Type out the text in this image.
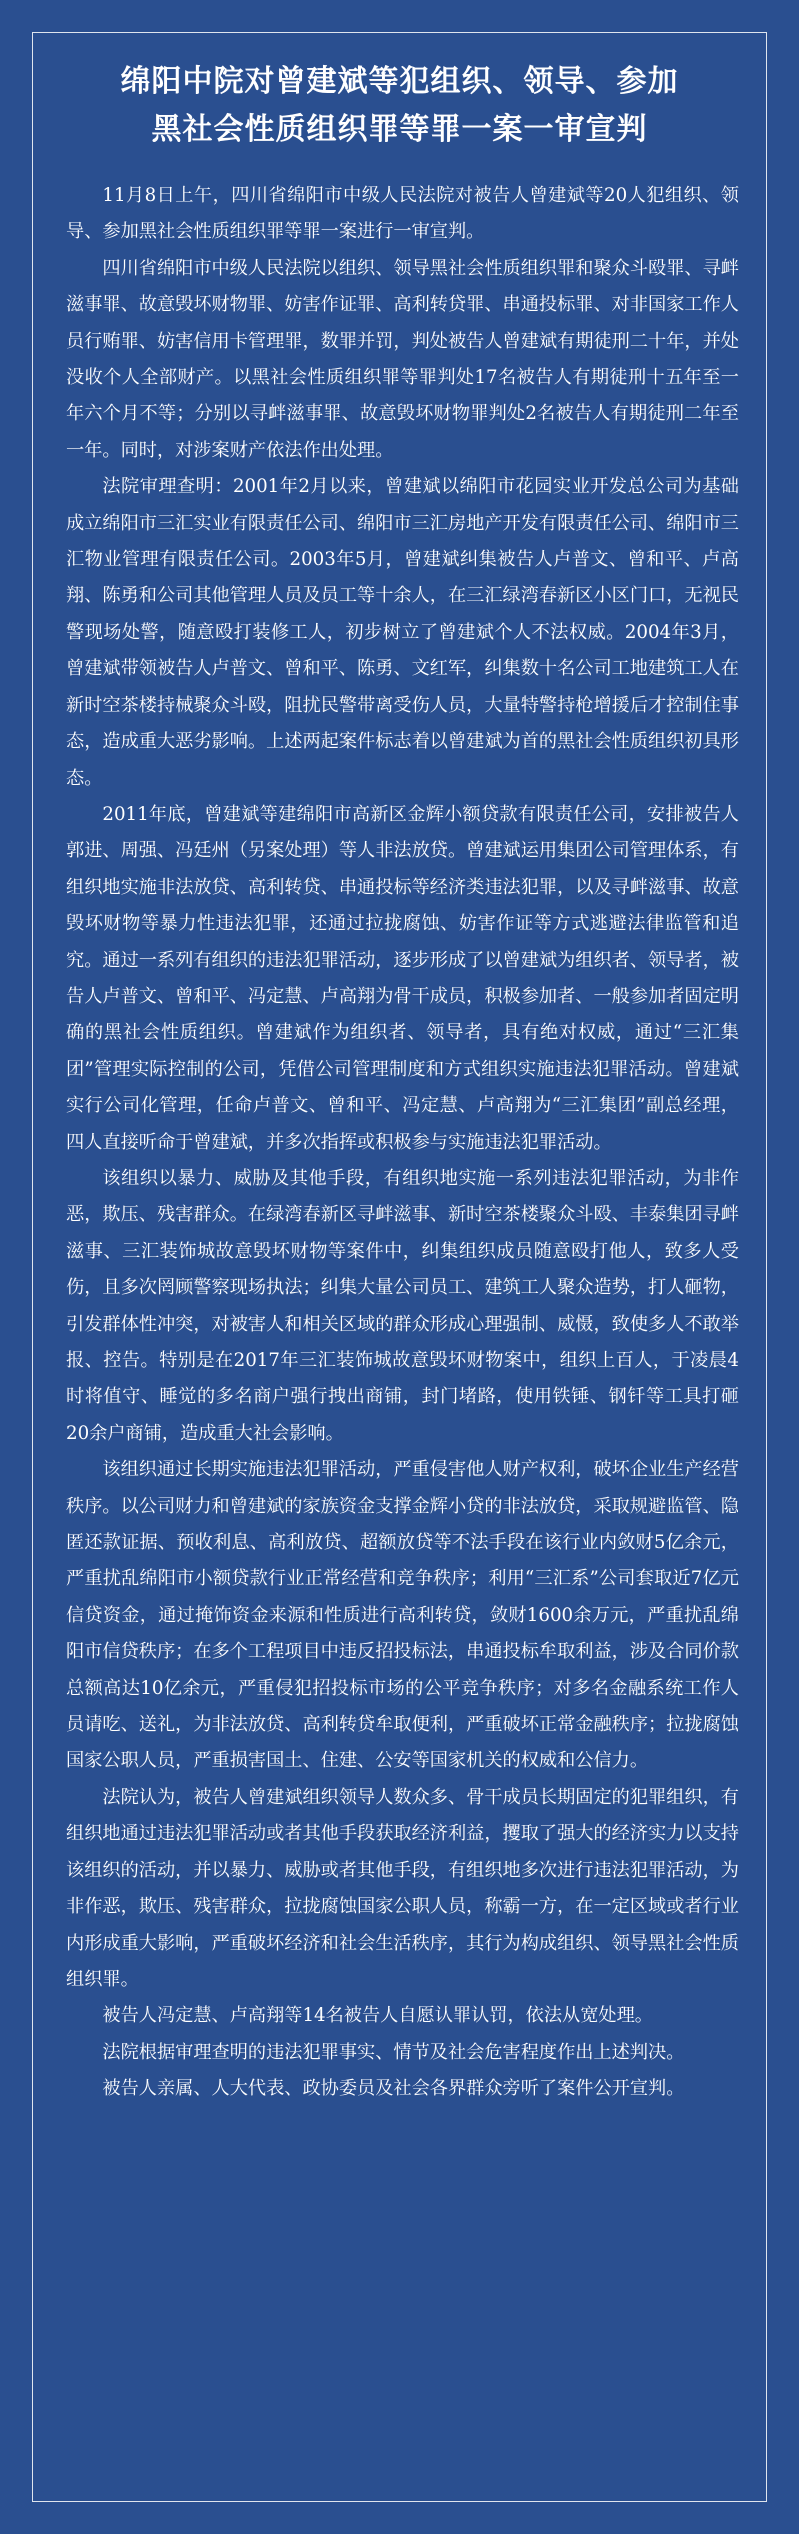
绵阳中院对曾建斌等犯组织、领导、参加
黑社会性质组织罪等罪一案一审宣判

11月8日上午，四川省绵阳市中级人民法院对被告人曾建斌等20人犯组织、领导、参加黑社会性质组织罪等罪一案进行一审宣判。

四川省绵阳市中级人民法院以组织、领导黑社会性质组织罪和聚众斗殴罪、寻衅滋事罪、故意毁坏财物罪、妨害作证罪、高利转贷罪、串通投标罪、对非国家工作人员行贿罪、妨害信用卡管理罪，数罪并罚，判处被告人曾建斌有期徒刑二十年，并处没收个人全部财产。以黑社会性质组织罪等罪判处17名被告人有期徒刑十五年至一年六个月不等；分别以寻衅滋事罪、故意毁坏财物罪判处2名被告人有期徒刑二年至一年。同时，对涉案财产依法作出处理。

法院审理查明：2001年2月以来，曾建斌以绵阳市花园实业开发总公司为基础成立绵阳市三汇实业有限责任公司、绵阳市三汇房地产开发有限责任公司、绵阳市三汇物业管理有限责任公司。2003年5月，曾建斌纠集被告人卢普文、曾和平、卢高翔、陈勇和公司其他管理人员及员工等十余人，在三汇绿湾春新区小区门口，无视民警现场处警，随意殴打装修工人，初步树立了曾建斌个人不法权威。2004年3月，曾建斌带领被告人卢普文、曾和平、陈勇、文红军，纠集数十名公司工地建筑工人在新时空茶楼持械聚众斗殴，阻扰民警带离受伤人员，大量特警持枪增援后才控制住事态，造成重大恶劣影响。上述两起案件标志着以曾建斌为首的黑社会性质组织初具形态。

2011年底，曾建斌等建绵阳市高新区金辉小额贷款有限责任公司，安排被告人郭进、周强、冯廷州（另案处理）等人非法放贷。曾建斌运用集团公司管理体系，有组织地实施非法放贷、高利转贷、串通投标等经济类违法犯罪，以及寻衅滋事、故意毁坏财物等暴力性违法犯罪，还通过拉拢腐蚀、妨害作证等方式逃避法律监管和追究。通过一系列有组织的违法犯罪活动，逐步形成了以曾建斌为组织者、领导者，被告人卢普文、曾和平、冯定慧、卢高翔为骨干成员，积极参加者、一般参加者固定明确的黑社会性质组织。曾建斌作为组织者、领导者，具有绝对权威，通过“三汇集团”管理实际控制的公司，凭借公司管理制度和方式组织实施违法犯罪活动。曾建斌实行公司化管理，任命卢普文、曾和平、冯定慧、卢高翔为“三汇集团”副总经理，四人直接听命于曾建斌，并多次指挥或积极参与实施违法犯罪活动。

该组织以暴力、威胁及其他手段，有组织地实施一系列违法犯罪活动，为非作恶，欺压、残害群众。在绿湾春新区寻衅滋事、新时空茶楼聚众斗殴、丰泰集团寻衅滋事、三汇装饰城故意毁坏财物等案件中，纠集组织成员随意殴打他人，致多人受伤，且多次罔顾警察现场执法；纠集大量公司员工、建筑工人聚众造势，打人砸物，引发群体性冲突，对被害人和相关区域的群众形成心理强制、威慑，致使多人不敢举报、控告。特别是在2017年三汇装饰城故意毁坏财物案中，组织上百人，于凌晨4时将值守、睡觉的多名商户强行拽出商铺，封门堵路，使用铁锤、钢钎等工具打砸20余户商铺，造成重大社会影响。

该组织通过长期实施违法犯罪活动，严重侵害他人财产权利，破坏企业生产经营秩序。以公司财力和曾建斌的家族资金支撑金辉小贷的非法放贷，采取规避监管、隐匿还款证据、预收利息、高利放贷、超额放贷等不法手段在该行业内敛财5亿余元，严重扰乱绵阳市小额贷款行业正常经营和竞争秩序；利用“三汇系”公司套取近7亿元信贷资金，通过掩饰资金来源和性质进行高利转贷，敛财1600余万元，严重扰乱绵阳市信贷秩序；在多个工程项目中违反招投标法，串通投标牟取利益，涉及合同价款总额高达10亿余元，严重侵犯招投标市场的公平竞争秩序；对多名金融系统工作人员请吃、送礼，为非法放贷、高利转贷牟取便利，严重破坏正常金融秩序；拉拢腐蚀国家公职人员，严重损害国土、住建、公安等国家机关的权威和公信力。

法院认为，被告人曾建斌组织领导人数众多、骨干成员长期固定的犯罪组织，有组织地通过违法犯罪活动或者其他手段获取经济利益，攫取了强大的经济实力以支持该组织的活动，并以暴力、威胁或者其他手段，有组织地多次进行违法犯罪活动，为非作恶，欺压、残害群众，拉拢腐蚀国家公职人员，称霸一方，在一定区域或者行业内形成重大影响，严重破坏经济和社会生活秩序，其行为构成组织、领导黑社会性质组织罪。

被告人冯定慧、卢高翔等14名被告人自愿认罪认罚，依法从宽处理。

法院根据审理查明的违法犯罪事实、情节及社会危害程度作出上述判决。

被告人亲属、人大代表、政协委员及社会各界群众旁听了案件公开宣判。
